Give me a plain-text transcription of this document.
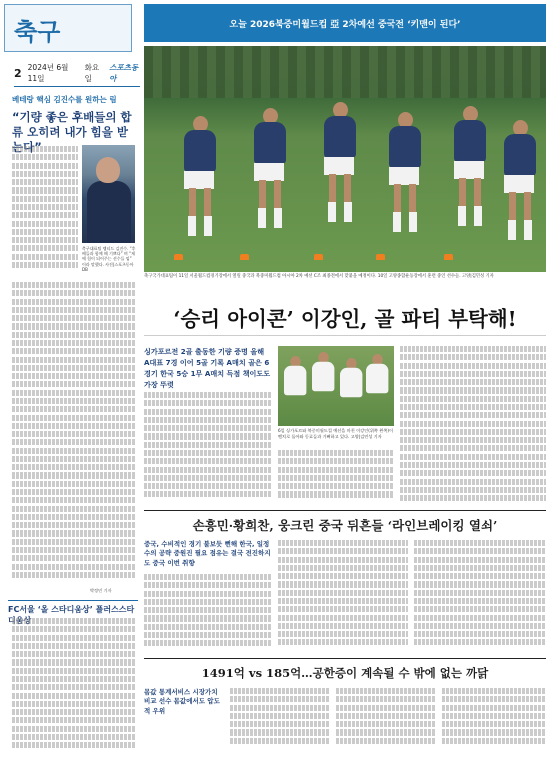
축구
2 2024년 6월 11일
화요일
스포츠동아
베테랑 핵심 김진수를 원하는 림
“기량 좋은 후배들의 합류 오히려 내가 힘을 받는다”
축구대표팀 엠티드 김진수. “후배들과 함께 해 기쁘다” 며 “제 에 힘이 되어주는 선수들 임” 이라 말했다. 사진|스포츠동아DB
박정민 기자
FC서울 ‘올 스타디움상’ 플러스스타디움상
오늘 2026북중미월드컵 亞 2차예선 중국전 ‘키맨이 된다’
축구국가대표팀이 11일 서울월드컵경기장에서 열릴 중국과 북중미월드컵 아시아 2차 예선 C조 최종전에서 맞붙을 예정이다. 10일 고양종합운동장에서 훈련 중인 선수들. 고양|김민성 기자
‘승리 아이콘’ 이강인, 골 파티 부탁해!
싱가포르전 2골 출동한 기량 증명 올해 A대표 7경 이어 5골 기록 A매치 골은 6경기 한국 5승 1무 A매치 득점 책이도도 가장 뚜렷
6일 싱가포르와 북중미월드컵 예선을 마친 이강인(위쪽 왼쪽)이 벤치로 돌아와 동료들과 기뻐하고 있다. 고양|김민성 기자
손흥민·황희찬, 웅크린 중국 뒤흔들 ‘라인브레이킹 열쇠’
중국, 수비적인 경기 불보듯 뻔해 한국, 일정수의 공략 중원진 필요 점유는 결국 전진하지도 중국 이번 취향
1491억 vs 185억…공한증이 계속될 수 밖에 없는 까닭
몸값 통계서비스 시장가치 비교 선수 몸값에서도 압도적 우위
